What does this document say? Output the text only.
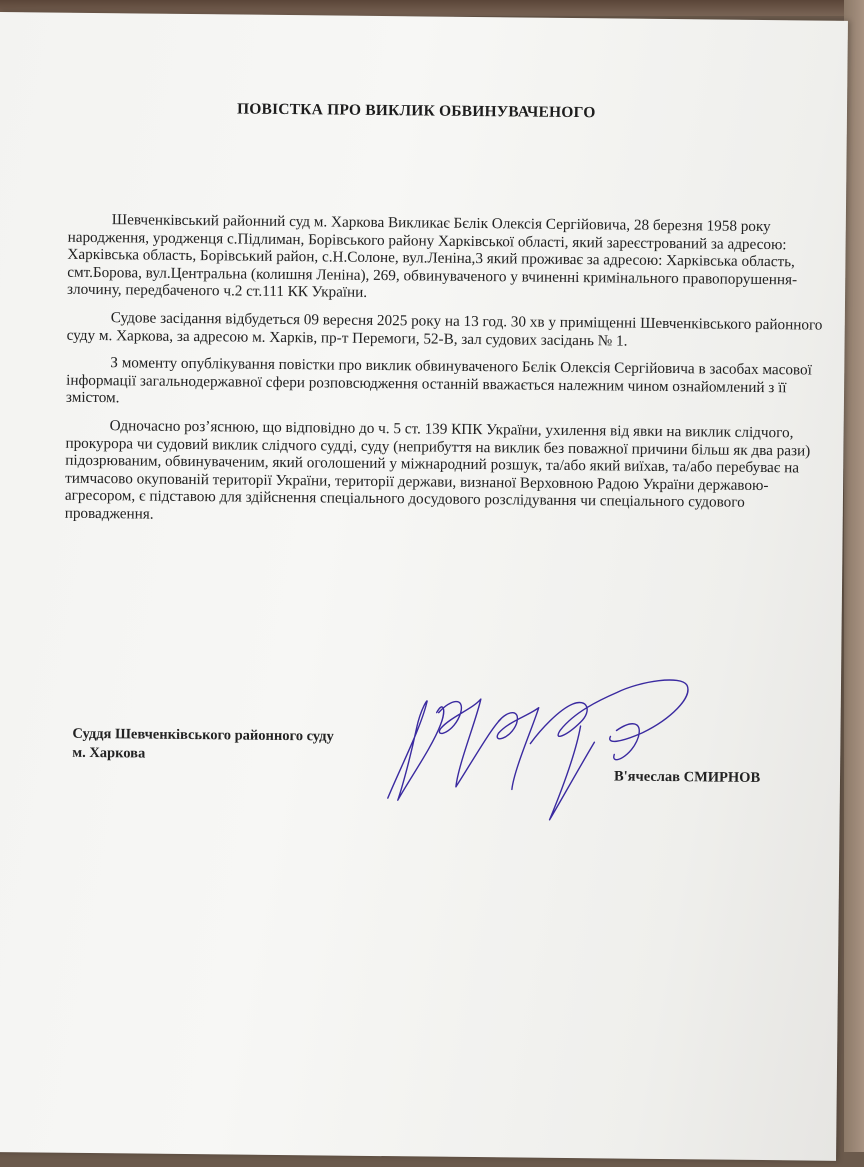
ПОВІСТКА ПРО ВИКЛИК ОБВИНУВАЧЕНОГО

Шевченківський районний суд м. Харкова Викликає Бєлік Олексія Сергійовича, 28 березня 1958 року народження, уродженця с.Підлиман, Борівського району Харківської області, який зареєстрований за адресою: Харківська область, Борівський район, с.Н.Солоне, вул.Леніна,3 який проживає за адресою: Харківська область, смт.Борова, вул.Центральна (колишня Леніна), 269, обвинуваченого у вчиненні кримінального правопорушення-злочину, передбаченого ч.2 ст.111 КК України.

Судове засідання відбудеться 09 вересня 2025 року на 13 год. 30 хв у приміщенні Шевченківського районного суду м. Харкова, за адресою м. Харків, пр-т Перемоги, 52-В, зал судових засідань № 1.

З моменту опублікування повістки про виклик обвинуваченого Бєлік Олексія Сергійовича в засобах масової інформації загальнодержавної сфери розповсюдження останній вважається належним чином ознайомлений з її змістом.

Одночасно роз’яснюю, що відповідно до ч. 5 ст. 139 КПК України, ухилення від явки на виклик слідчого, прокурора чи судовий виклик слідчого судді, суду (неприбуття на виклик без поважної причини більш як два рази) підозрюваним, обвинуваченим, який оголошений у міжнародний розшук, та/або який виїхав, та/або перебуває на тимчасово окупованій території України, території держави, визнаної Верховною Радою України державою-агресором, є підставою для здійснення спеціального досудового розслідування чи спеціального судового провадження.

Суддя Шевченківського районного суду
м. Харкова
В'ячеслав СМИРНОВ
